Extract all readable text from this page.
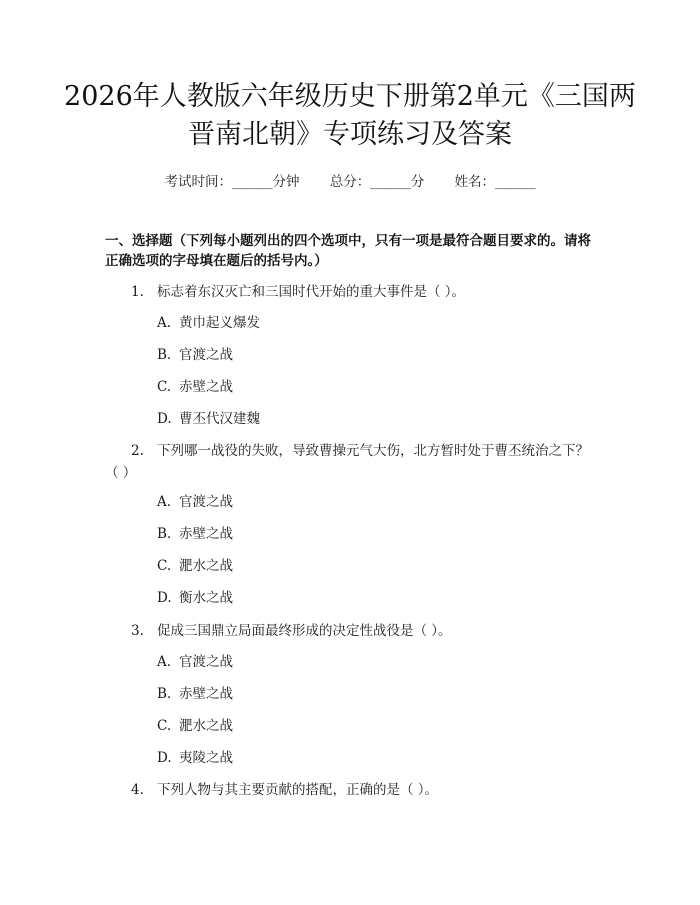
2026年人教版六年级历史下册第2单元《三国两晋南北朝》专项练习及答案
考试时间：______分钟 总分：______分 姓名：______
一、选择题（下列每小题列出的四个选项中，只有一项是最符合题目要求的。请将正确选项的字母填在题后的括号内。）
1. 标志着东汉灭亡和三国时代开始的重大事件是（ ）。
A. 黄巾起义爆发
B. 官渡之战
C. 赤壁之战
D. 曹丕代汉建魏
2. 下列哪一战役的失败，导致曹操元气大伤，北方暂时处于曹丕统治之下？（ ）
A. 官渡之战
B. 赤壁之战
C. 淝水之战
D. 衡水之战
3. 促成三国鼎立局面最终形成的决定性战役是（ ）。
A. 官渡之战
B. 赤壁之战
C. 淝水之战
D. 夷陵之战
4. 下列人物与其主要贡献的搭配，正确的是（ ）。
